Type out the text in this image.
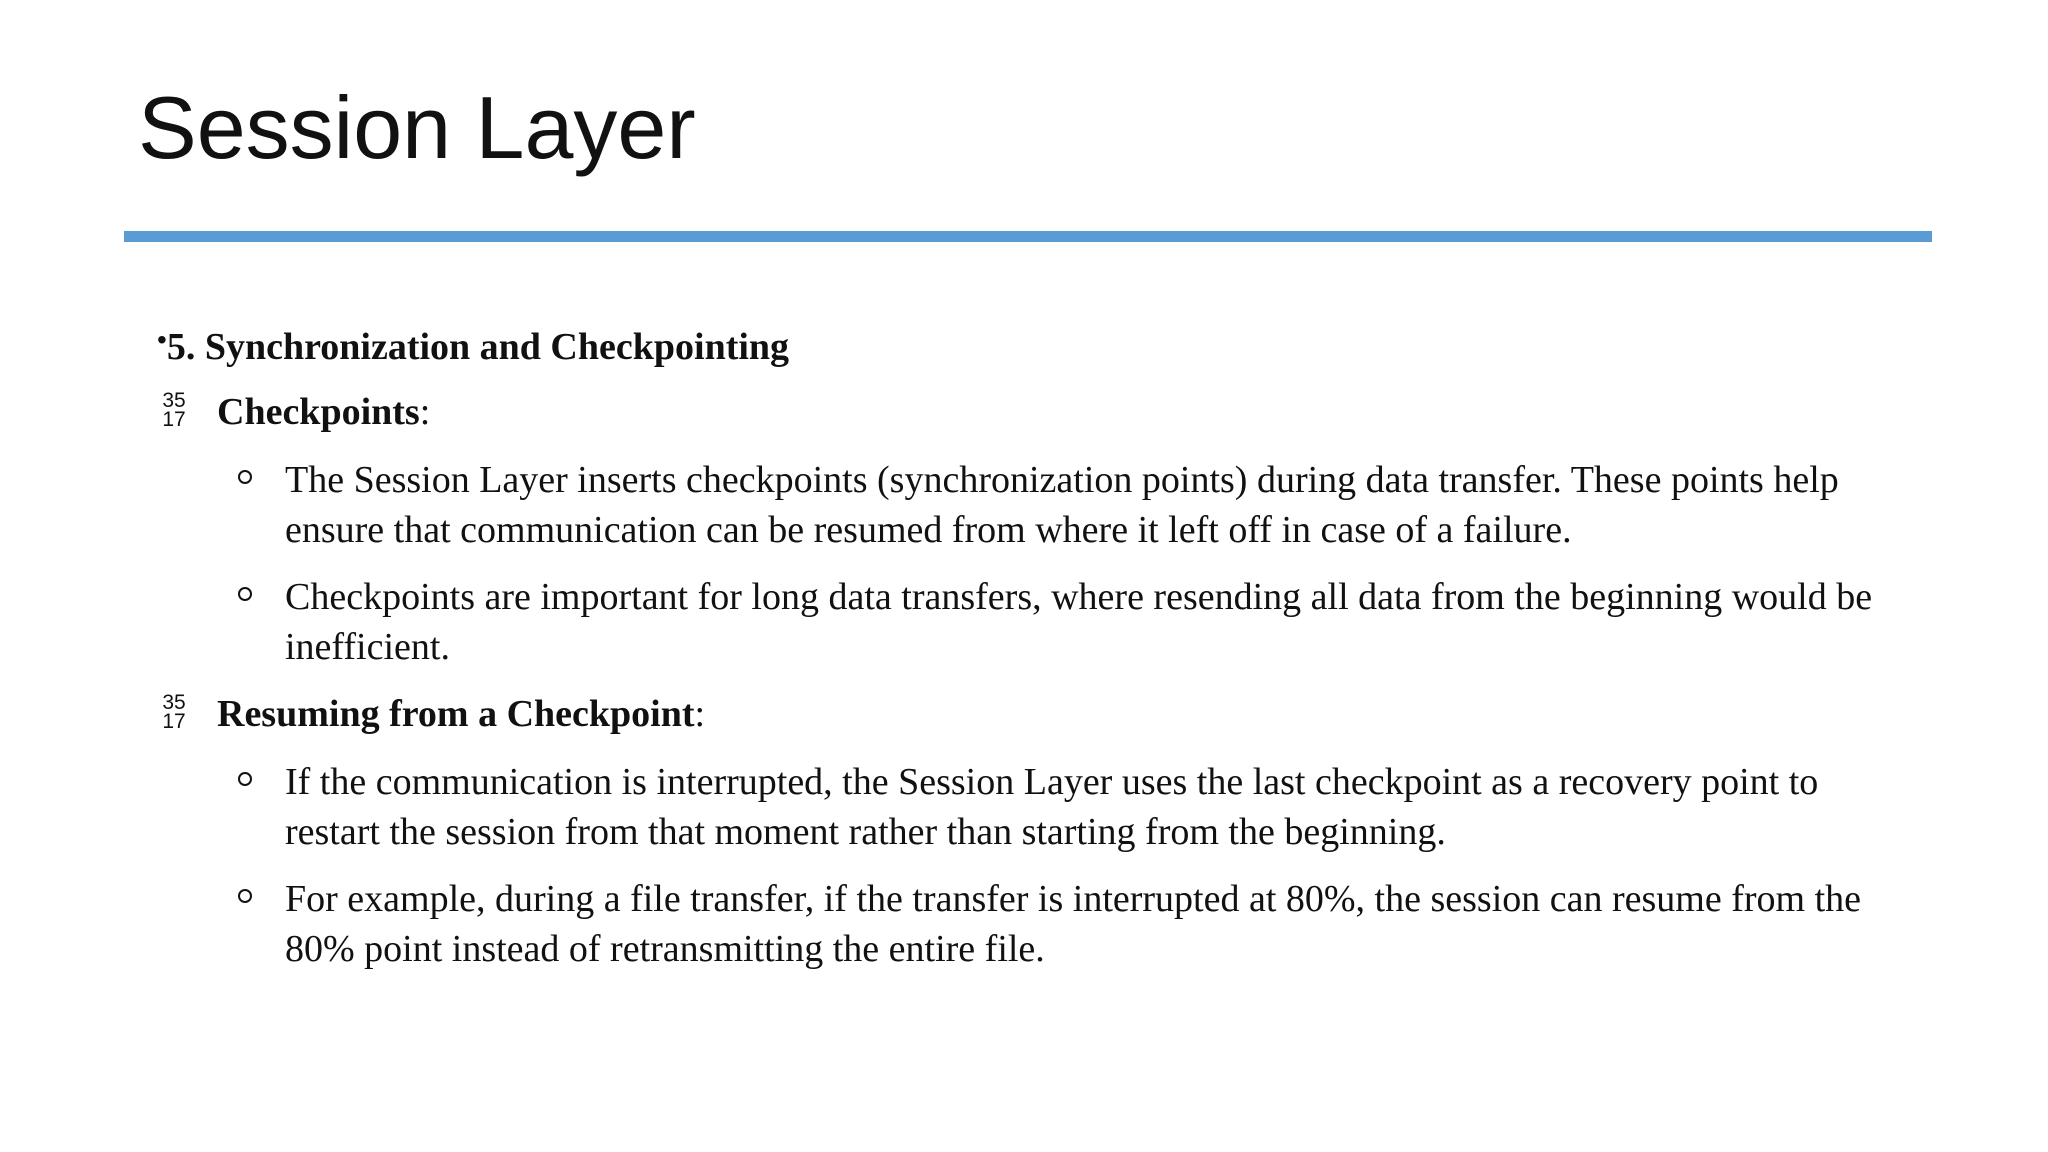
Session Layer
•5. Synchronization and Checkpointing
35
17 Checkpoints:
The Session Layer inserts checkpoints (synchronization points) during data transfer. These points help
ensure that communication can be resumed from where it left off in case of a failure.
Checkpoints are important for long data transfers, where resending all data from the beginning would be
inefficient.
35
17 Resuming from a Checkpoint:
If the communication is interrupted, the Session Layer uses the last checkpoint as a recovery point to
restart the session from that moment rather than starting from the beginning.
For example, during a file transfer, if the transfer is interrupted at 80%, the session can resume from the
80% point instead of retransmitting the entire file.
